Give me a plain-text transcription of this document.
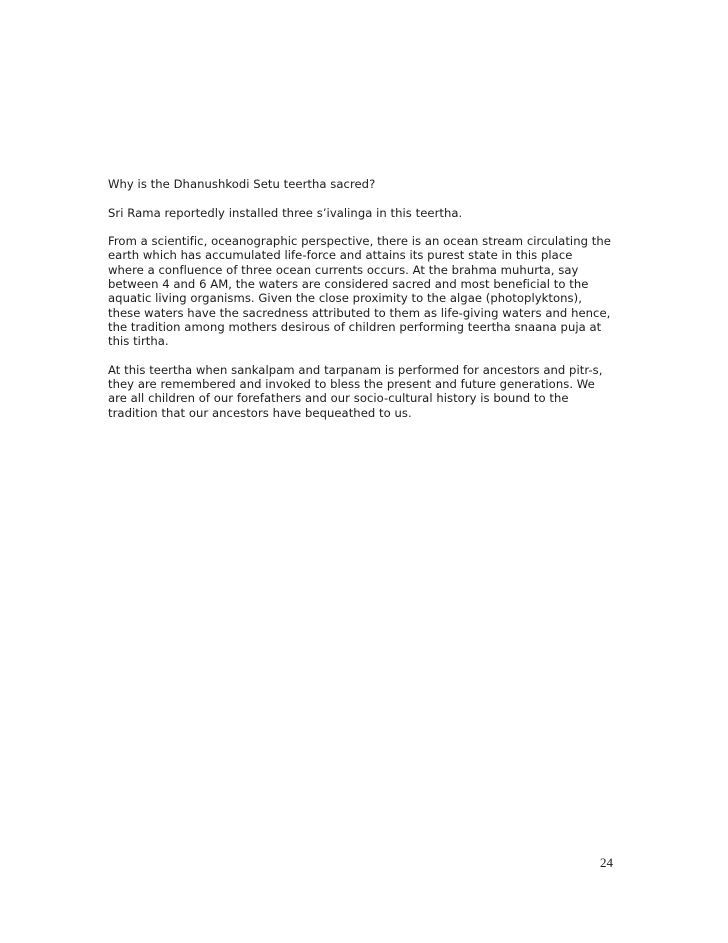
Why is the Dhanushkodi Setu teertha sacred?
Sri Rama reportedly installed three s’ivalinga in this teertha.
From a scientific, oceanographic perspective, there is an ocean stream circulating the
earth which has accumulated life-force and attains its purest state in this place
where a confluence of three ocean currents occurs. At the brahma muhurta, say
between 4 and 6 AM, the waters are considered sacred and most beneficial to the
aquatic living organisms. Given the close proximity to the algae (photoplyktons),
these waters have the sacredness attributed to them as life-giving waters and hence,
the tradition among mothers desirous of children performing teertha snaana puja at
this tirtha.
At this teertha when sankalpam and tarpanam is performed for ancestors and pitr-s,
they are remembered and invoked to bless the present and future generations. We
are all children of our forefathers and our socio-cultural history is bound to the
tradition that our ancestors have bequeathed to us.
24
